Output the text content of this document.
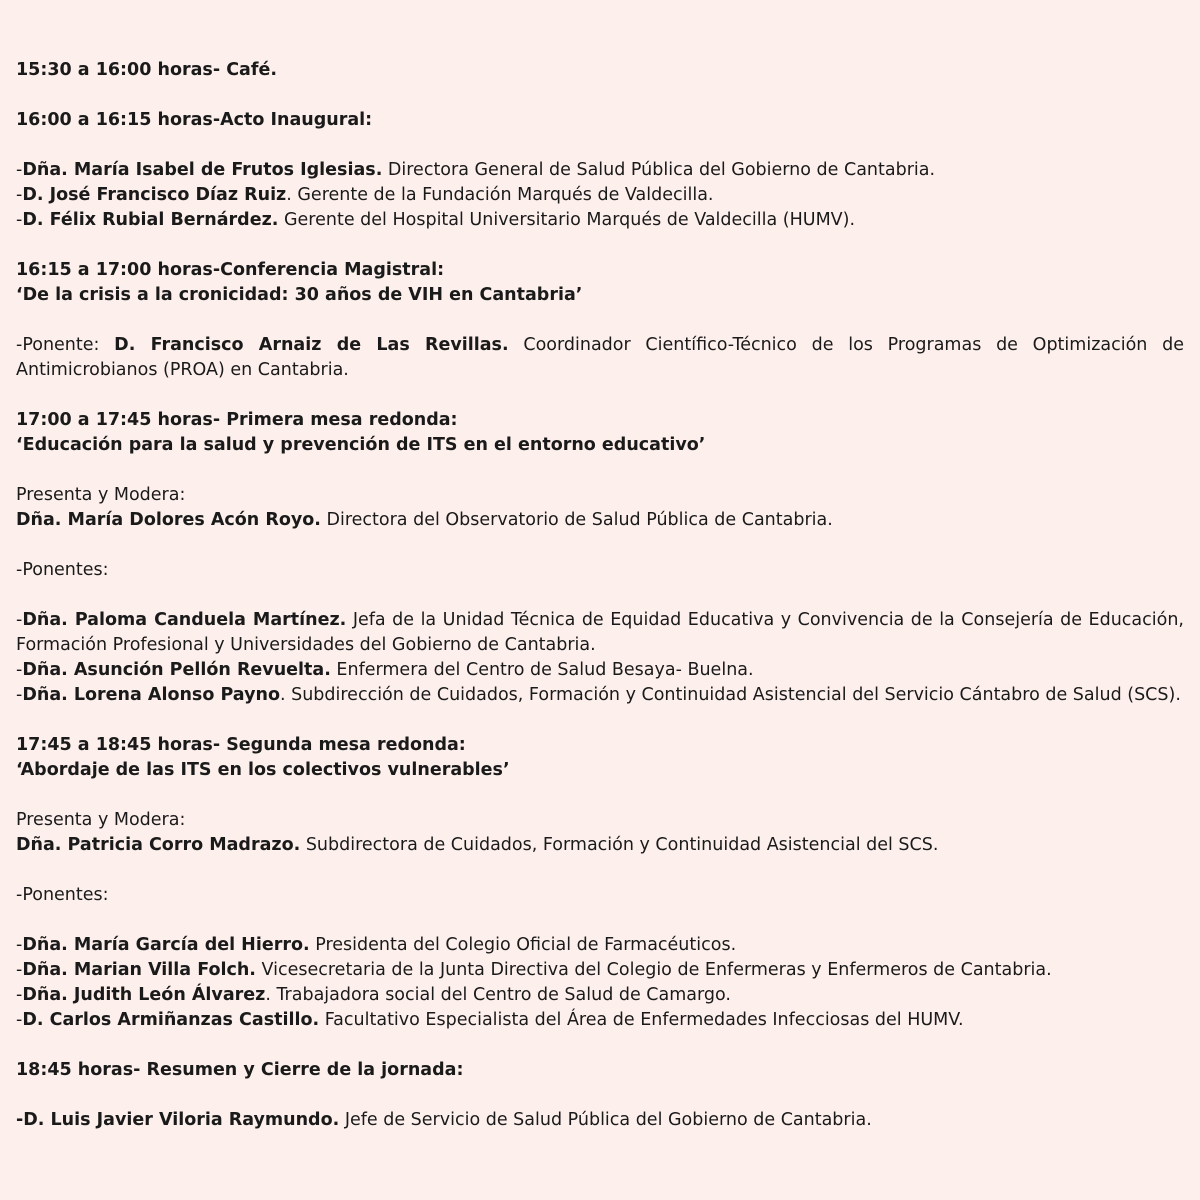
15:30 a 16:00 horas- Café.
16:00 a 16:15 horas-Acto Inaugural:
-Dña. María Isabel de Frutos Iglesias. Directora General de Salud Pública del Gobierno de Cantabria.
-D. José Francisco Díaz Ruiz. Gerente de la Fundación Marqués de Valdecilla.
-D. Félix Rubial Bernárdez. Gerente del Hospital Universitario Marqués de Valdecilla (HUMV).
16:15 a 17:00 horas-Conferencia Magistral:
‘De la crisis a la cronicidad: 30 años de VIH en Cantabria’
-Ponente: D. Francisco Arnaiz de Las Revillas. Coordinador Científico-Técnico de los Programas de Optimización de Antimicrobianos (PROA) en Cantabria.
17:00 a 17:45 horas- Primera mesa redonda:
‘Educación para la salud y prevención de ITS en el entorno educativo’
Presenta y Modera:
Dña. María Dolores Acón Royo. Directora del Observatorio de Salud Pública de Cantabria.
-Ponentes:
-Dña. Paloma Canduela Martínez. Jefa de la Unidad Técnica de Equidad Educativa y Convivencia de la Consejería de Educación, Formación Profesional y Universidades del Gobierno de Cantabria.
-Dña. Asunción Pellón Revuelta. Enfermera del Centro de Salud Besaya- Buelna.
-Dña. Lorena Alonso Payno. Subdirección de Cuidados, Formación y Continuidad Asistencial del Servicio Cántabro de Salud (SCS).
17:45 a 18:45 horas- Segunda mesa redonda:
‘Abordaje de las ITS en los colectivos vulnerables’
Presenta y Modera:
Dña. Patricia Corro Madrazo. Subdirectora de Cuidados, Formación y Continuidad Asistencial del SCS.
-Ponentes:
-Dña. María García del Hierro. Presidenta del Colegio Oficial de Farmacéuticos.
-Dña. Marian Villa Folch. Vicesecretaria de la Junta Directiva del Colegio de Enfermeras y Enfermeros de Cantabria.
-Dña. Judith León Álvarez. Trabajadora social del Centro de Salud de Camargo.
-D. Carlos Armiñanzas Castillo. Facultativo Especialista del Área de Enfermedades Infecciosas del HUMV.
18:45 horas- Resumen y Cierre de la jornada:
-D. Luis Javier Viloria Raymundo. Jefe de Servicio de Salud Pública del Gobierno de Cantabria.
